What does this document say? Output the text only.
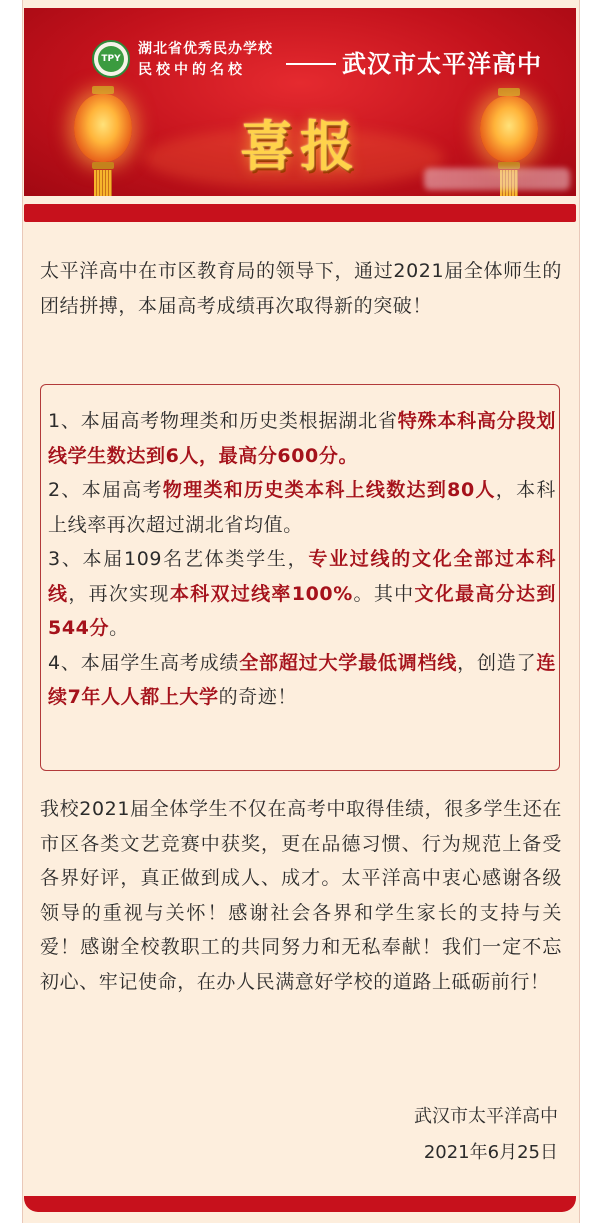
TPY
湖北省优秀民办学校
民校中的名校	武汉市太平洋高中
喜报
太平洋高中在市区教育局的领导下，通过2021届全体师生的团结拼搏，本届高考成绩再次取得新的突破！

1、本届高考物理类和历史类根据湖北省特殊本科高分段划线学生数达到6人，最高分600分。

2、本届高考物理类和历史类本科上线数达到80人，本科上线率再次超过湖北省均值。

3、本届109名艺体类学生，专业过线的文化全部过本科线，再次实现本科双过线率100%。其中文化最高分达到544分。

4、本届学生高考成绩全部超过大学最低调档线，创造了连续7年人人都上大学的奇迹！

我校2021届全体学生不仅在高考中取得佳绩，很多学生还在市区各类文艺竞赛中获奖，更在品德习惯、行为规范上备受各界好评，真正做到成人、成才。太平洋高中衷心感谢各级领导的重视与关怀！感谢社会各界和学生家长的支持与关爱！感谢全校教职工的共同努力和无私奉献！我们一定不忘初心、牢记使命，在办人民满意好学校的道路上砥砺前行！
武汉市太平洋高中
2021年6月25日
